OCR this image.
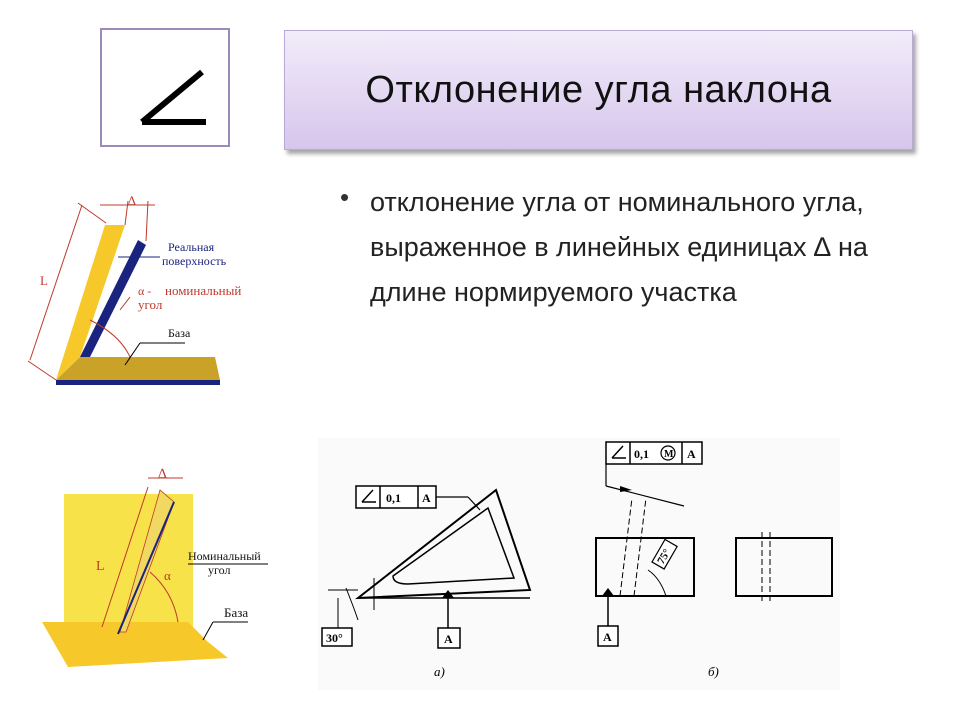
Отклонение угла наклона
• отклонение угла от номинального угла, выраженное в линейных единицах ∆ на длине нормируемого участка
∆
L
Реальная
поверхность
α - номинальный
угол
База
∆
L
α
Номинальный
угол
База
0,1 A
30°	A
а)
0,1 M A
75°
A
б)
